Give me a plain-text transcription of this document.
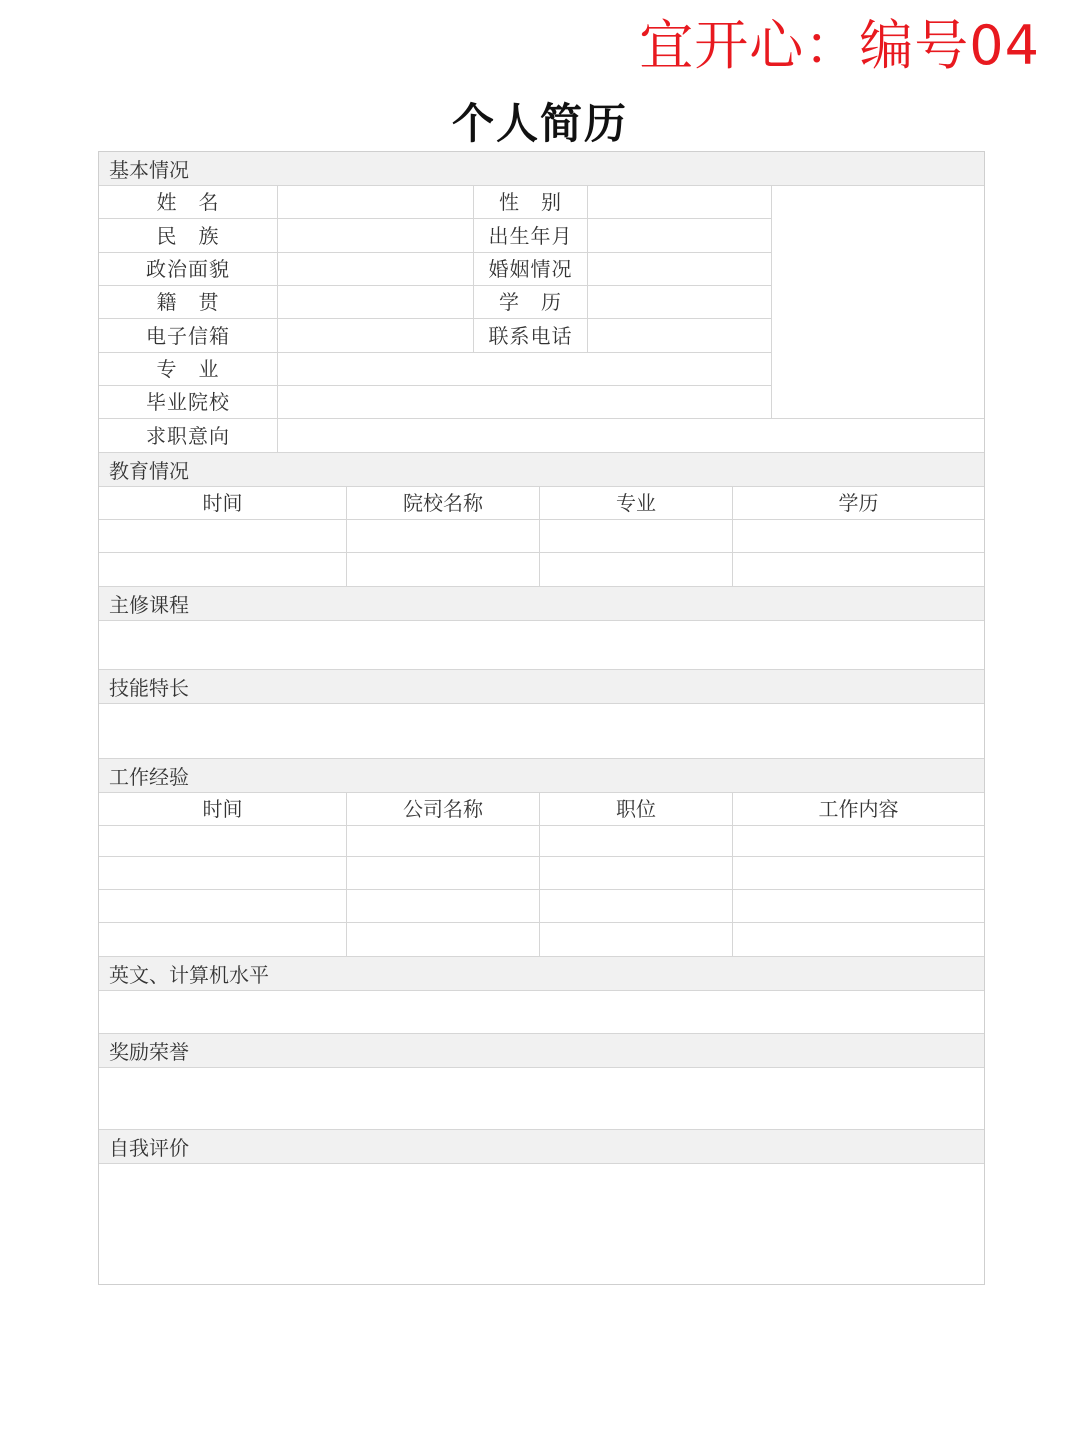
宜开心：编号04
个人简历
基本情况
姓　名	性　别
民　族	出生年月
政治面貌	婚姻情况
籍　贯	学　历
电子信箱	联系电话
专　业
毕业院校
求职意向
教育情况
时间	院校名称	专业	学历
主修课程
技能特长
工作经验
时间	公司名称	职位	工作内容
英文、计算机水平
奖励荣誉
自我评价
